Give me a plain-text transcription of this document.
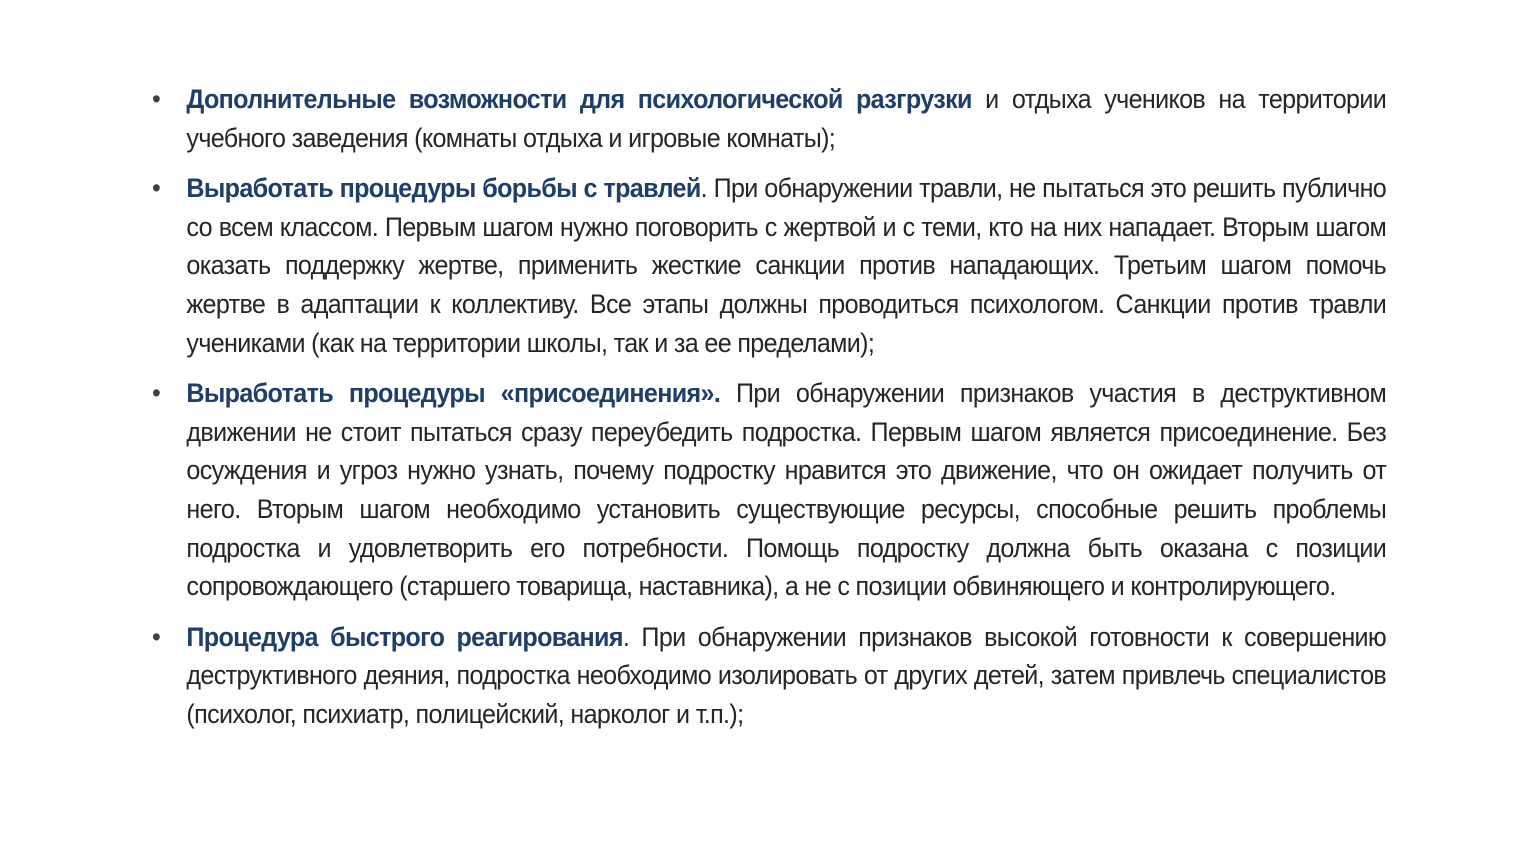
• Дополнительные возможности для психологической разгрузки и отдыха учеников на территории учебного заведения (комнаты отдыха и игровые комнаты);
• Выработать процедуры борьбы с травлей. При обнаружении травли, не пытаться это решить публично со всем классом. Первым шагом нужно поговорить с жертвой и с теми, кто на них нападает. Вторым шагом оказать поддержку жертве, применить жесткие санкции против нападающих. Третьим шагом помочь жертве в адаптации к коллективу. Все этапы должны проводиться психологом. Санкции против травли учениками (как на территории школы, так и за ее пределами);
• Выработать процедуры «присоединения». При обнаружении признаков участия в деструктивном движении не стоит пытаться сразу переубедить подростка. Первым шагом является присоединение. Без осуждения и угроз нужно узнать, почему подростку нравится это движение, что он ожидает получить от него. Вторым шагом необходимо установить существующие ресурсы, способные решить проблемы подростка и удовлетворить его потребности. Помощь подростку должна быть оказана с позиции сопровождающего (старшего товарища, наставника), а не с позиции обвиняющего и контролирующего.
• Процедура быстрого реагирования. При обнаружении признаков высокой готовности к совершению деструктивного деяния, подростка необходимо изолировать от других детей, затем привлечь специалистов (психолог, психиатр, полицейский, нарколог и т.п.);
